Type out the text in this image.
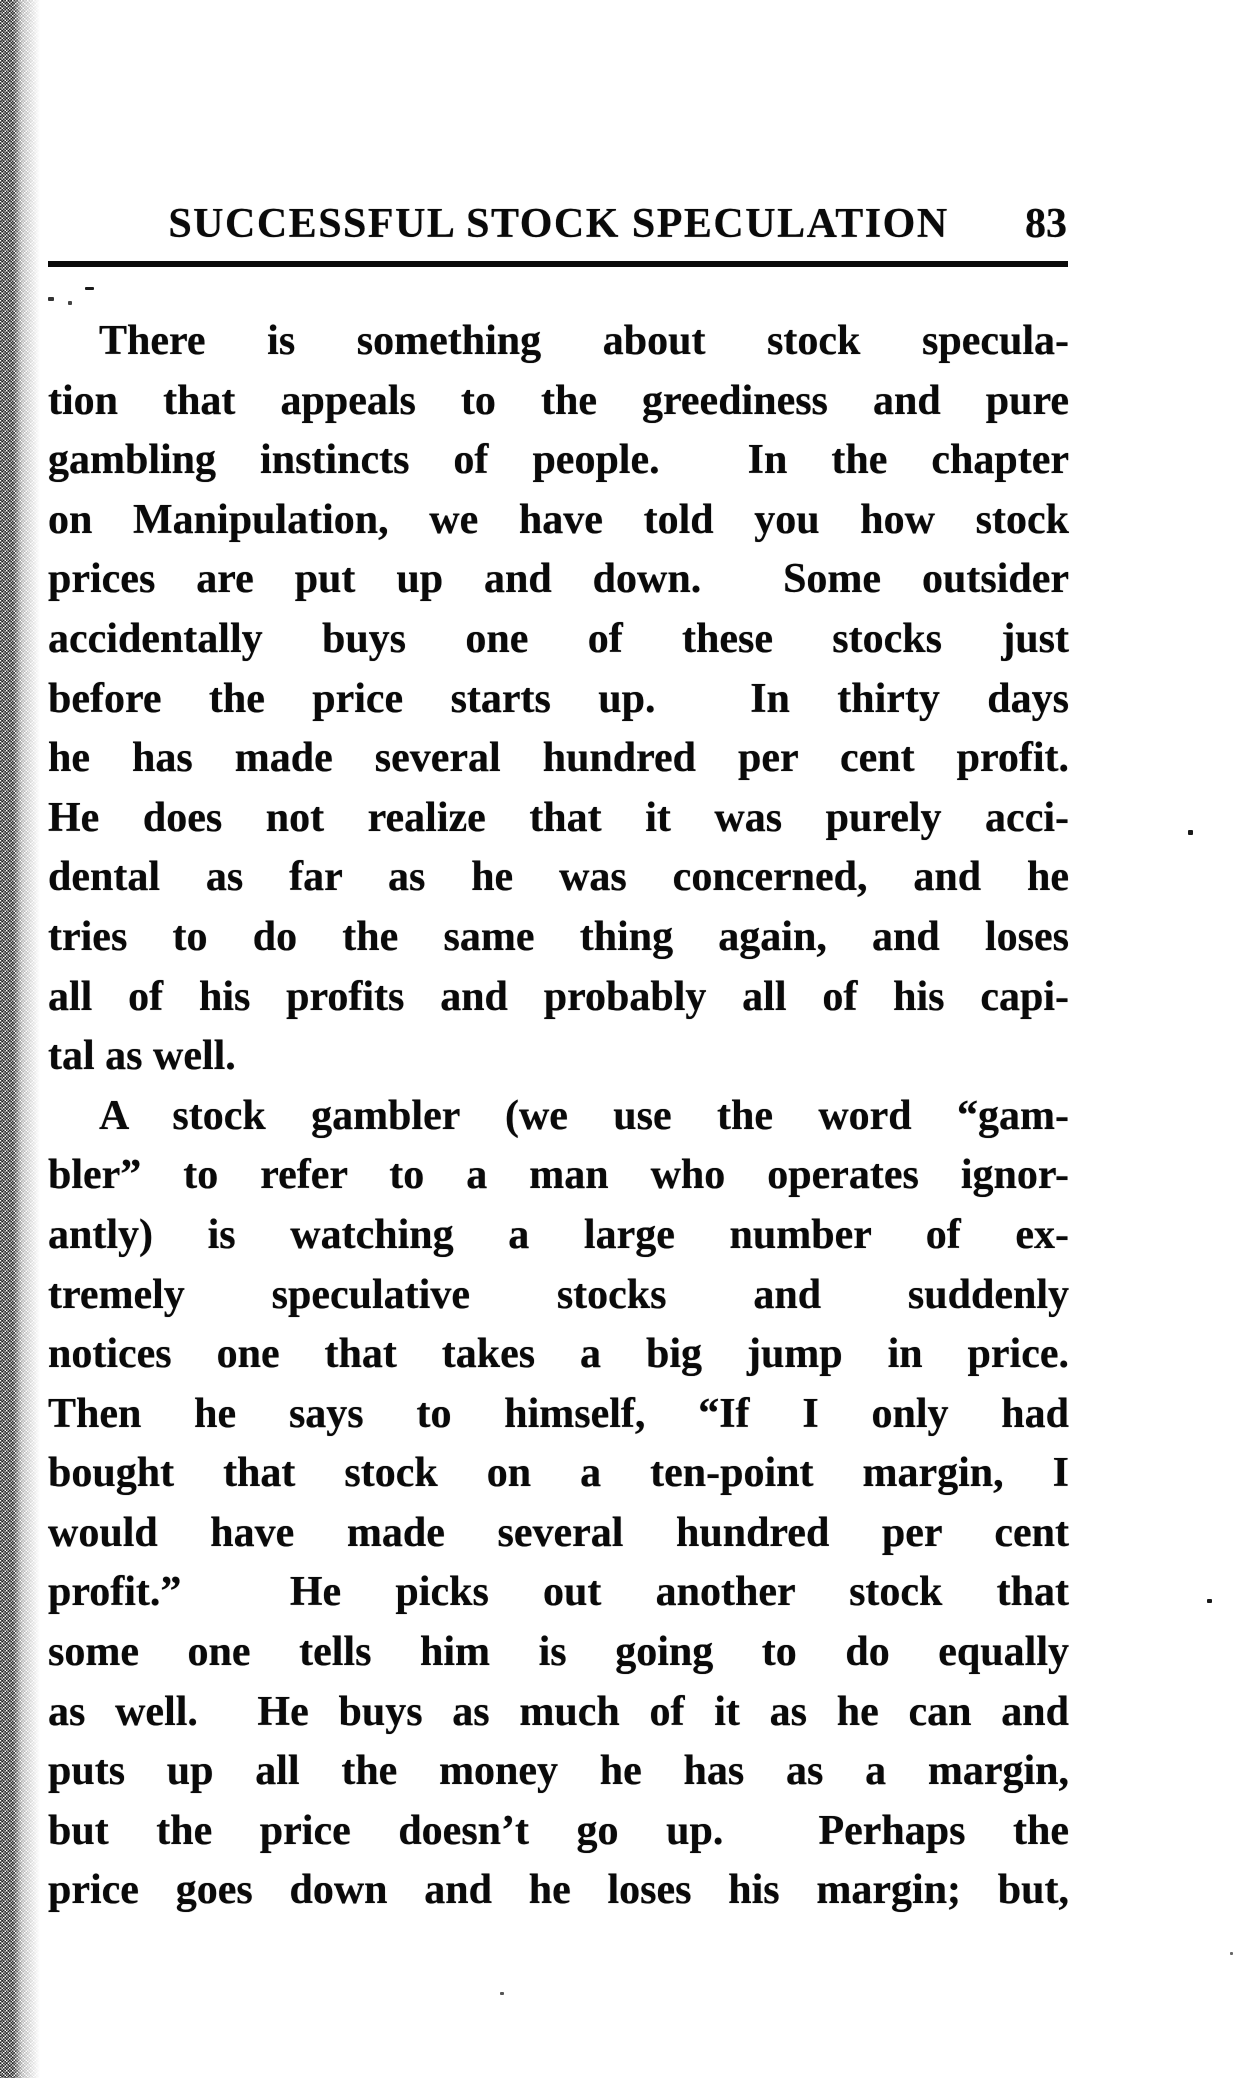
SUCCESSFUL STOCK SPECULATION 83
There is something about stock specula-
tion that appeals to the greediness and pure
gambling instincts of people.  In the chapter
on Manipulation, we have told you how stock
prices are put up and down.  Some outsider
accidentally buys one of these stocks just
before the price starts up.  In thirty days
he has made several hundred per cent profit.
He does not realize that it was purely acci-
dental as far as he was concerned, and he
tries to do the same thing again, and loses
all of his profits and probably all of his capi-
tal as well.
A stock gambler (we use the word “gam-
bler” to refer to a man who operates ignor-
antly) is watching a large number of ex-
tremely speculative stocks and suddenly
notices one that takes a big jump in price.
Then he says to himself, “If I only had
bought that stock on a ten-point margin, I
would have made several hundred per cent
profit.”  He picks out another stock that
some one tells him is going to do equally
as well.  He buys as much of it as he can and
puts up all the money he has as a margin,
but the price doesn’t go up.  Perhaps the
price goes down and he loses his margin; but,
